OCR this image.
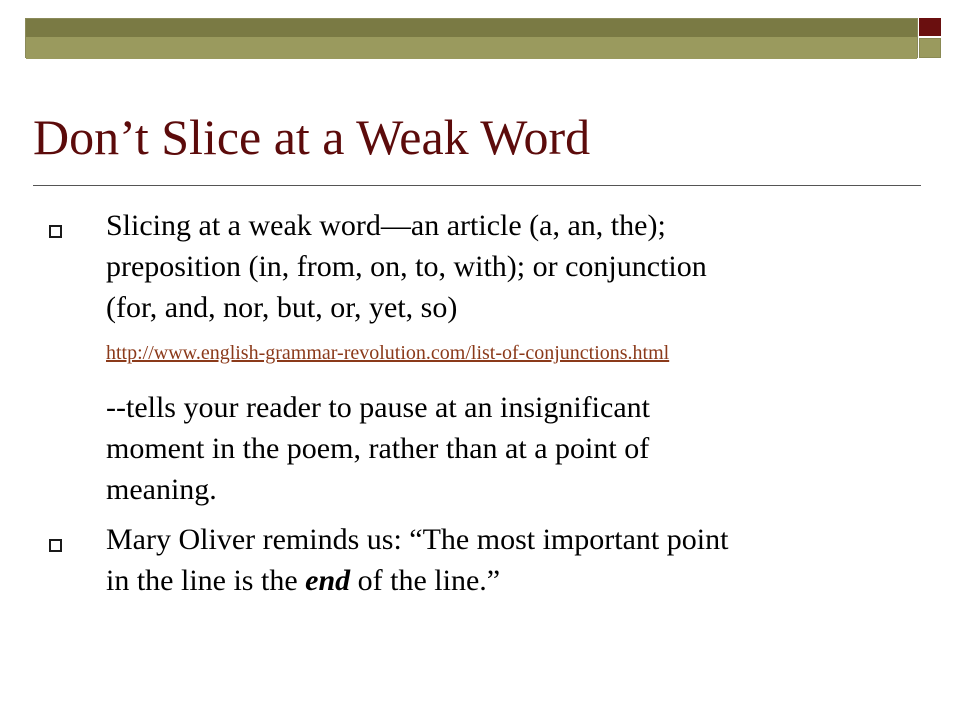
Don’t Slice at a Weak Word
Slicing at a weak word—an article (a, an, the);
preposition (in, from, on, to, with); or conjunction
(for, and, nor, but, or, yet, so)
http://www.english-grammar-revolution.com/list-of-conjunctions.html
--tells your reader to pause at an insignificant
moment in the poem, rather than at a point of
meaning.
Mary Oliver reminds us: “The most important point
in the line is the end of the line.”
